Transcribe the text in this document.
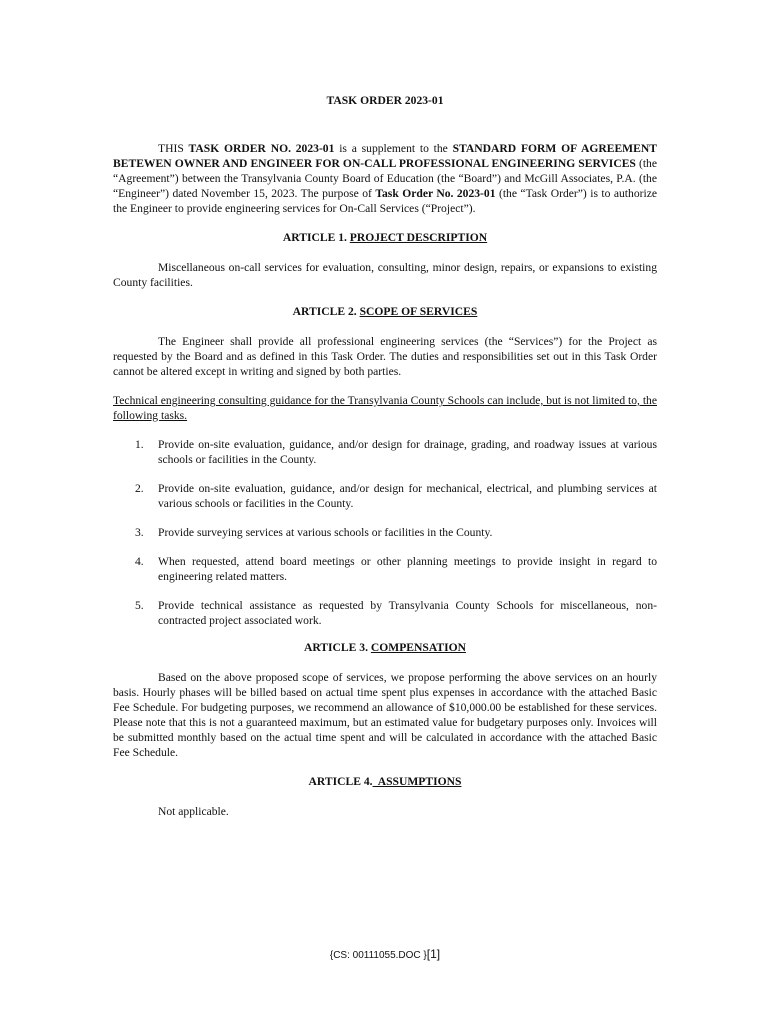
TASK ORDER 2023-01

THIS TASK ORDER NO. 2023-01 is a supplement to the STANDARD FORM OF AGREEMENT BETEWEN OWNER AND ENGINEER FOR ON-CALL PROFESSIONAL ENGINEERING SERVICES (the “Agreement”) between the Transylvania County Board of Education (the “Board”) and McGill Associates, P.A. (the “Engineer”) dated November 15, 2023. The purpose of Task Order No. 2023-01 (the “Task Order”) is to authorize the Engineer to provide engineering services for On-Call Services (“Project”).

ARTICLE 1. PROJECT DESCRIPTION

Miscellaneous on-call services for evaluation, consulting, minor design, repairs, or expansions to existing County facilities.

ARTICLE 2. SCOPE OF SERVICES

The Engineer shall provide all professional engineering services (the “Services”) for the Project as requested by the Board and as defined in this Task Order. The duties and responsibilities set out in this Task Order cannot be altered except in writing and signed by both parties.

Technical engineering consulting guidance for the Transylvania County Schools can include, but is not limited to, the following tasks.

1. Provide on-site evaluation, guidance, and/or design for drainage, grading, and roadway issues at various schools or facilities in the County.
2. Provide on-site evaluation, guidance, and/or design for mechanical, electrical, and plumbing services at various schools or facilities in the County.
3. Provide surveying services at various schools or facilities in the County.
4. When requested, attend board meetings or other planning meetings to provide insight in regard to engineering related matters.
5. Provide technical assistance as requested by Transylvania County Schools for miscellaneous, non-contracted project associated work.
ARTICLE 3. COMPENSATION

Based on the above proposed scope of services, we propose performing the above services on an hourly basis. Hourly phases will be billed based on actual time spent plus expenses in accordance with the attached Basic Fee Schedule. For budgeting purposes, we recommend an allowance of $10,000.00 be established for these services. Please note that this is not a guaranteed maximum, but an estimated value for budgetary purposes only. Invoices will be submitted monthly based on the actual time spent and will be calculated in accordance with the attached Basic Fee Schedule.

ARTICLE 4.  ASSUMPTIONS

Not applicable.

{CS: 00111055.DOC }[1]
